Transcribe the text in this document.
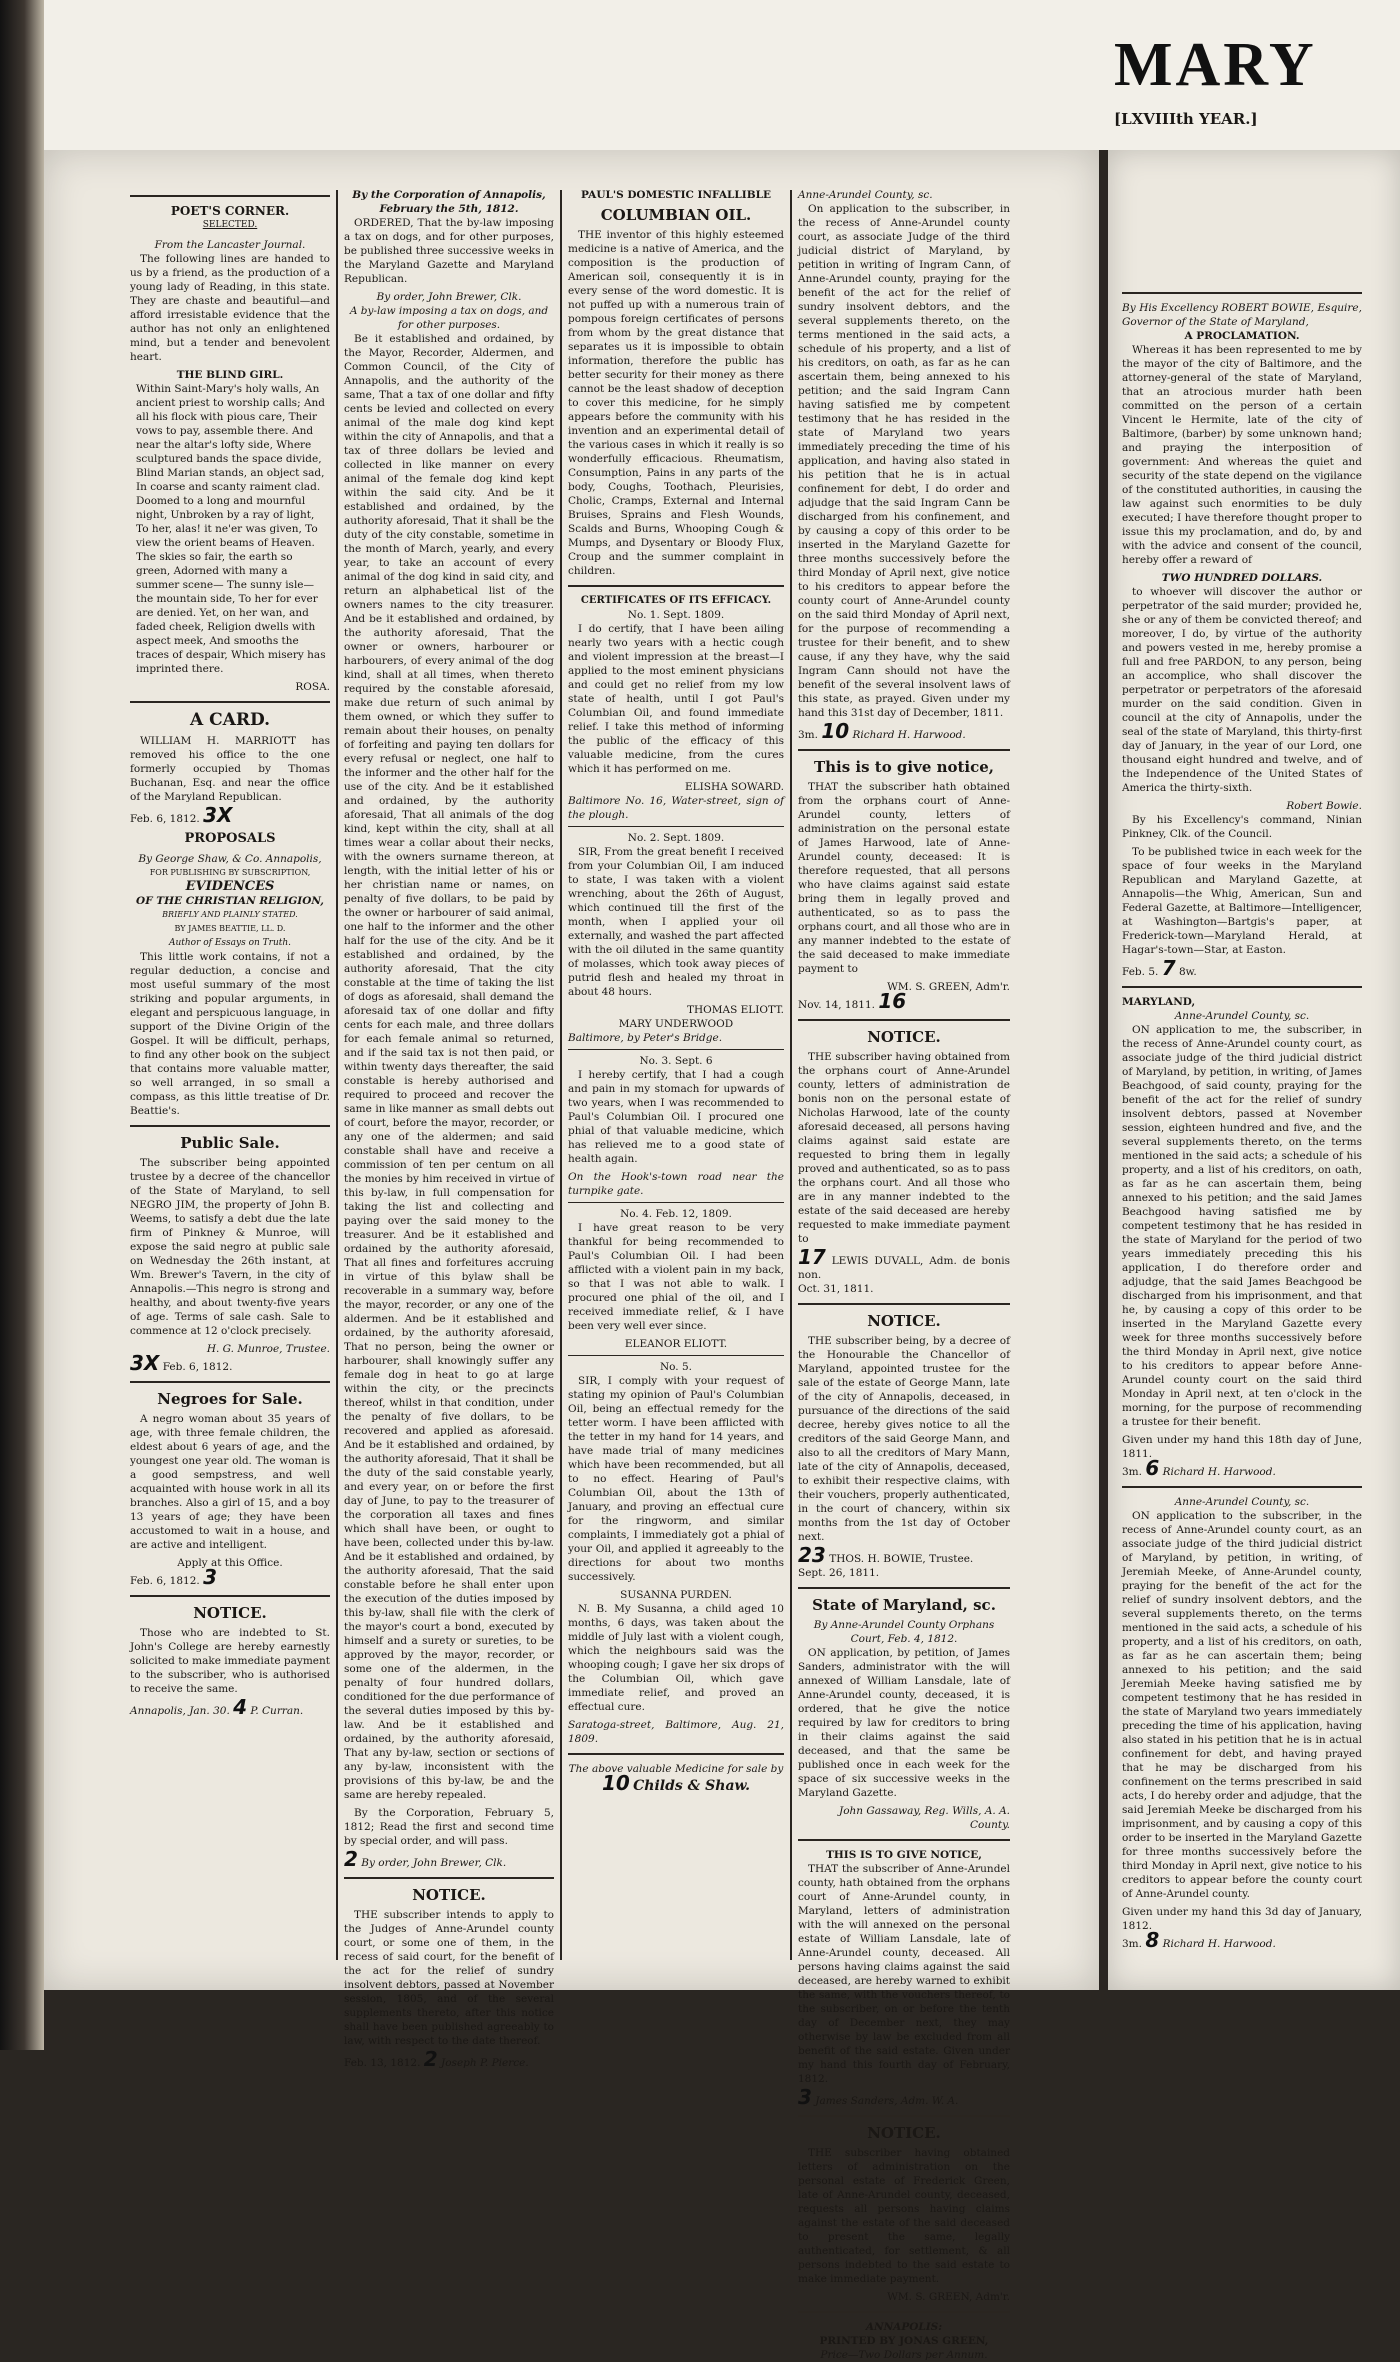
POET'S CORNER.
SELECTED.
From the Lancaster Journal.

The following lines are handed to us by a friend, as the production of a young lady of Reading, in this state. They are chaste and beautiful—and afford irresistable evidence that the author has not only an enlightened mind, but a tender and benevolent heart.

THE BLIND GIRL.

Within Saint-Mary's holy walls, An ancient priest to worship calls; And all his flock with pious care, Their vows to pay, assemble there. And near the altar's lofty side, Where sculptured bands the space divide, Blind Marian stands, an object sad, In coarse and scanty raiment clad. Doomed to a long and mournful night, Unbroken by a ray of light, To her, alas! it ne'er was given, To view the orient beams of Heaven. The skies so fair, the earth so green, Adorned with many a summer scene— The sunny isle—the mountain side, To her for ever are denied. Yet, on her wan, and faded cheek, Religion dwells with aspect meek, And smooths the traces of despair, Which misery has imprinted there.

ROSA.
A CARD.

WILLIAM H. MARRIOTT has removed his office to the one formerly occupied by Thomas Buchanan, Esq. and near the office of the Maryland Republican.

Feb. 6, 1812. 3X
PROPOSALS
By George Shaw, & Co. Annapolis,
FOR PUBLISHING BY SUBSCRIPTION,
EVIDENCES
OF THE CHRISTIAN RELIGION,
BRIEFLY AND PLAINLY STATED.
BY JAMES BEATTIE, LL. D.
Author of Essays on Truth.

This little work contains, if not a regular deduction, a concise and most useful summary of the most striking and popular arguments, in elegant and perspicuous language, in support of the Divine Origin of the Gospel. It will be difficult, perhaps, to find any other book on the subject that contains more valuable matter, so well arranged, in so small a compass, as this little treatise of Dr. Beattie's.

Public Sale.

The subscriber being appointed trustee by a decree of the chancellor of the State of Maryland, to sell NEGRO JIM, the property of John B. Weems, to satisfy a debt due the late firm of Pinkney & Munroe, will expose the said negro at public sale on Wednesday the 26th instant, at Wm. Brewer's Tavern, in the city of Annapolis.—This negro is strong and healthy, and about twenty-five years of age. Terms of sale cash. Sale to commence at 12 o'clock precisely.

H. G. Munroe, Trustee.
3X Feb. 6, 1812.
Negroes for Sale.

A negro woman about 35 years of age, with three female children, the eldest about 6 years of age, and the youngest one year old. The woman is a good sempstress, and well acquainted with house work in all its branches. Also a girl of 15, and a boy 13 years of age; they have been accustomed to wait in a house, and are active and intelligent.

Apply at this Office.
Feb. 6, 1812. 3
NOTICE.

Those who are indebted to St. John's College are hereby earnestly solicited to make immediate payment to the subscriber, who is authorised to receive the same.

Annapolis, Jan. 30. 4 P. Curran.
By the Corporation of Annapolis, February the 5th, 1812.

ORDERED, That the by-law imposing a tax on dogs, and for other purposes, be published three successive weeks in the Maryland Gazette and Maryland Republican.

By order, John Brewer, Clk.
A by-law imposing a tax on dogs, and for other purposes.

Be it established and ordained, by the Mayor, Recorder, Aldermen, and Common Council, of the City of Annapolis, and the authority of the same, That a tax of one dollar and fifty cents be levied and collected on every animal of the male dog kind kept within the city of Annapolis, and that a tax of three dollars be levied and collected in like manner on every animal of the female dog kind kept within the said city. And be it established and ordained, by the authority aforesaid, That it shall be the duty of the city constable, sometime in the month of March, yearly, and every year, to take an account of every animal of the dog kind in said city, and return an alphabetical list of the owners names to the city treasurer. And be it established and ordained, by the authority aforesaid, That the owner or owners, harbourer or harbourers, of every animal of the dog kind, shall at all times, when thereto required by the constable aforesaid, make due return of such animal by them owned, or which they suffer to remain about their houses, on penalty of forfeiting and paying ten dollars for every refusal or neglect, one half to the informer and the other half for the use of the city. And be it established and ordained, by the authority aforesaid, That all animals of the dog kind, kept within the city, shall at all times wear a collar about their necks, with the owners surname thereon, at length, with the initial letter of his or her christian name or names, on penalty of five dollars, to be paid by the owner or harbourer of said animal, one half to the informer and the other half for the use of the city. And be it established and ordained, by the authority aforesaid, That the city constable at the time of taking the list of dogs as aforesaid, shall demand the aforesaid tax of one dollar and fifty cents for each male, and three dollars for each female animal so returned, and if the said tax is not then paid, or within twenty days thereafter, the said constable is hereby authorised and required to proceed and recover the same in like manner as small debts out of court, before the mayor, recorder, or any one of the aldermen; and said constable shall have and receive a commission of ten per centum on all the monies by him received in virtue of this by-law, in full compensation for taking the list and collecting and paying over the said money to the treasurer. And be it established and ordained by the authority aforesaid, That all fines and forfeitures accruing in virtue of this bylaw shall be recoverable in a summary way, before the mayor, recorder, or any one of the aldermen. And be it established and ordained, by the authority aforesaid, That no person, being the owner or harbourer, shall knowingly suffer any female dog in heat to go at large within the city, or the precincts thereof, whilst in that condition, under the penalty of five dollars, to be recovered and applied as aforesaid. And be it established and ordained, by the authority aforesaid, That it shall be the duty of the said constable yearly, and every year, on or before the first day of June, to pay to the treasurer of the corporation all taxes and fines which shall have been, or ought to have been, collected under this by-law. And be it established and ordained, by the authority aforesaid, That the said constable before he shall enter upon the execution of the duties imposed by this by-law, shall file with the clerk of the mayor's court a bond, executed by himself and a surety or sureties, to be approved by the mayor, recorder, or some one of the aldermen, in the penalty of four hundred dollars, conditioned for the due performance of the several duties imposed by this by-law. And be it established and ordained, by the authority aforesaid, That any by-law, section or sections of any by-law, inconsistent with the provisions of this by-law, be and the same are hereby repealed.

By the Corporation, February 5, 1812; Read the first and second time by special order, and will pass.

2 By order, John Brewer, Clk.
NOTICE.

THE subscriber intends to apply to the Judges of Anne-Arundel county court, or some one of them, in the recess of said court, for the benefit of the act for the relief of sundry insolvent debtors, passed at November session, 1805, and of the several supplements thereto, after this notice shall have been published agreeably to law, with respect to the date thereof.

Feb. 13, 1812. 2 Joseph P. Pierce.
PAUL'S DOMESTIC INFALLIBLE
COLUMBIAN OIL.

THE inventor of this highly esteemed medicine is a native of America, and the composition is the production of American soil, consequently it is in every sense of the word domestic. It is not puffed up with a numerous train of pompous foreign certificates of persons from whom by the great distance that separates us it is impossible to obtain information, therefore the public has better security for their money as there cannot be the least shadow of deception to cover this medicine, for he simply appears before the community with his invention and an experimental detail of the various cases in which it really is so wonderfully efficacious. Rheumatism, Consumption, Pains in any parts of the body, Coughs, Toothach, Pleurisies, Cholic, Cramps, External and Internal Bruises, Sprains and Flesh Wounds, Scalds and Burns, Whooping Cough & Mumps, and Dysentary or Bloody Flux, Croup and the summer complaint in children.

CERTIFICATES OF ITS EFFICACY.
No. 1. Sept. 1809.

I do certify, that I have been ailing nearly two years with a hectic cough and violent impression at the breast—I applied to the most eminent physicians and could get no relief from my low state of health, until I got Paul's Columbian Oil, and found immediate relief. I take this method of informing the public of the efficacy of this valuable medicine, from the cures which it has performed on me.

ELISHA SOWARD.
Baltimore No. 16, Water-street, sign of the plough.
No. 2. Sept. 1809.

SIR, From the great benefit I received from your Columbian Oil, I am induced to state, I was taken with a violent wrenching, about the 26th of August, which continued till the first of the month, when I applied your oil externally, and washed the part affected with the oil diluted in the same quantity of molasses, which took away pieces of putrid flesh and healed my throat in about 48 hours.

THOMAS ELIOTT.
MARY UNDERWOOD
Baltimore, by Peter's Bridge.
No. 3. Sept. 6

I hereby certify, that I had a cough and pain in my stomach for upwards of two years, when I was recommended to Paul's Columbian Oil. I procured one phial of that valuable medicine, which has relieved me to a good state of health again.

On the Hook's-town road near the turnpike gate.
No. 4. Feb. 12, 1809.

I have great reason to be very thankful for being recommended to Paul's Columbian Oil. I had been afflicted with a violent pain in my back, so that I was not able to walk. I procured one phial of the oil, and I received immediate relief, & I have been very well ever since.

ELEANOR ELIOTT.
No. 5.

SIR, I comply with your request of stating my opinion of Paul's Columbian Oil, being an effectual remedy for the tetter worm. I have been afflicted with the tetter in my hand for 14 years, and have made trial of many medicines which have been recommended, but all to no effect. Hearing of Paul's Columbian Oil, about the 13th of January, and proving an effectual cure for the ringworm, and similar complaints, I immediately got a phial of your Oil, and applied it agreeably to the directions for about two months successively.

SUSANNA PURDEN.

N. B. My Susanna, a child aged 10 months, 6 days, was taken about the middle of July last with a violent cough, which the neighbours said was the whooping cough; I gave her six drops of the Columbian Oil, which gave immediate relief, and proved an effectual cure.

Saratoga-street, Baltimore, Aug. 21, 1809.
The above valuable Medicine for sale by
10 Childs & Shaw.
Anne-Arundel County, sc.

On application to the subscriber, in the recess of Anne-Arundel county court, as associate Judge of the third judicial district of Maryland, by petition in writing of Ingram Cann, of Anne-Arundel county, praying for the benefit of the act for the relief of sundry insolvent debtors, and the several supplements thereto, on the terms mentioned in the said acts, a schedule of his property, and a list of his creditors, on oath, as far as he can ascertain them, being annexed to his petition; and the said Ingram Cann having satisfied me by competent testimony that he has resided in the state of Maryland two years immediately preceding the time of his application, and having also stated in his petition that he is in actual confinement for debt, I do order and adjudge that the said Ingram Cann be discharged from his confinement, and by causing a copy of this order to be inserted in the Maryland Gazette for three months successively before the third Monday of April next, give notice to his creditors to appear before the county court of Anne-Arundel county on the said third Monday of April next, for the purpose of recommending a trustee for their benefit, and to shew cause, if any they have, why the said Ingram Cann should not have the benefit of the several insolvent laws of this state, as prayed. Given under my hand this 31st day of December, 1811.

3m. 10 Richard H. Harwood.
This is to give notice,

THAT the subscriber hath obtained from the orphans court of Anne-Arundel county, letters of administration on the personal estate of James Harwood, late of Anne-Arundel county, deceased: It is therefore requested, that all persons who have claims against said estate bring them in legally proved and authenticated, so as to pass the orphans court, and all those who are in any manner indebted to the estate of the said deceased to make immediate payment to

WM. S. GREEN, Adm'r.
Nov. 14, 1811. 16
NOTICE.

THE subscriber having obtained from the orphans court of Anne-Arundel county, letters of administration de bonis non on the personal estate of Nicholas Harwood, late of the county aforesaid deceased, all persons having claims against said estate are requested to bring them in legally proved and authenticated, so as to pass the orphans court. And all those who are in any manner indebted to the estate of the said deceased are hereby requested to make immediate payment to

17 LEWIS DUVALL, Adm. de bonis non.
Oct. 31, 1811.
NOTICE.

THE subscriber being, by a decree of the Honourable the Chancellor of Maryland, appointed trustee for the sale of the estate of George Mann, late of the city of Annapolis, deceased, in pursuance of the directions of the said decree, hereby gives notice to all the creditors of the said George Mann, and also to all the creditors of Mary Mann, late of the city of Annapolis, deceased, to exhibit their respective claims, with their vouchers, properly authenticated, in the court of chancery, within six months from the 1st day of October next.

23 THOS. H. BOWIE, Trustee.
Sept. 26, 1811.
State of Maryland, sc.
By Anne-Arundel County Orphans Court, Feb. 4, 1812.

ON application, by petition, of James Sanders, administrator with the will annexed of William Lansdale, late of Anne-Arundel county, deceased, it is ordered, that he give the notice required by law for creditors to bring in their claims against the said deceased, and that the same be published once in each week for the space of six successive weeks in the Maryland Gazette.

John Gassaway, Reg. Wills, A. A. County.
THIS IS TO GIVE NOTICE,

THAT the subscriber of Anne-Arundel county, hath obtained from the orphans court of Anne-Arundel county, in Maryland, letters of administration with the will annexed on the personal estate of William Lansdale, late of Anne-Arundel county, deceased. All persons having claims against the said deceased, are hereby warned to exhibit the same, with the vouchers thereof, to the subscriber, on or before the tenth day of December next, they may otherwise by law be excluded from all benefit of the said estate. Given under my hand this fourth day of February, 1812.

3 James Sanders, Adm. W. A.
NOTICE.

THE subscriber having obtained letters of administration on the personal estate of Frederick Green, late of Anne-Arundel county, deceased, requests all persons having claims against the estate of the said deceased to present the same, legally authenticated, for settlement, & all persons indebted to the said estate to make immediate payment.

WM. S. GREEN, Adm'r.
ANNAPOLIS:
PRINTED BY JONAS GREEN,
Price—Two Dollars per Annum.
By His Excellency ROBERT BOWIE, Esquire, Governor of the State of Maryland,
A PROCLAMATION.

Whereas it has been represented to me by the mayor of the city of Baltimore, and the attorney-general of the state of Maryland, that an atrocious murder hath been committed on the person of a certain Vincent le Hermite, late of the city of Baltimore, (barber) by some unknown hand; and praying the interposition of government: And whereas the quiet and security of the state depend on the vigilance of the constituted authorities, in causing the law against such enormities to be duly executed; I have therefore thought proper to issue this my proclamation, and do, by and with the advice and consent of the council, hereby offer a reward of

TWO HUNDRED DOLLARS.

to whoever will discover the author or perpetrator of the said murder; provided he, she or any of them be convicted thereof; and moreover, I do, by virtue of the authority and powers vested in me, hereby promise a full and free PARDON, to any person, being an accomplice, who shall discover the perpetrator or perpetrators of the aforesaid murder on the said condition. Given in council at the city of Annapolis, under the seal of the state of Maryland, this thirty-first day of January, in the year of our Lord, one thousand eight hundred and twelve, and of the Independence of the United States of America the thirty-sixth.

Robert Bowie.

By his Excellency's command, Ninian Pinkney, Clk. of the Council.

To be published twice in each week for the space of four weeks in the Maryland Republican and Maryland Gazette, at Annapolis—the Whig, American, Sun and Federal Gazette, at Baltimore—Intelligencer, at Washington—Bartgis's paper, at Frederick-town—Maryland Herald, at Hagar's-town—Star, at Easton.

Feb. 5. 7 8w.
MARYLAND,
Anne-Arundel County, sc.

ON application to me, the subscriber, in the recess of Anne-Arundel county court, as associate judge of the third judicial district of Maryland, by petition, in writing, of James Beachgood, of said county, praying for the benefit of the act for the relief of sundry insolvent debtors, passed at November session, eighteen hundred and five, and the several supplements thereto, on the terms mentioned in the said acts; a schedule of his property, and a list of his creditors, on oath, as far as he can ascertain them, being annexed to his petition; and the said James Beachgood having satisfied me by competent testimony that he has resided in the state of Maryland for the period of two years immediately preceding this his application, I do therefore order and adjudge, that the said James Beachgood be discharged from his imprisonment, and that he, by causing a copy of this order to be inserted in the Maryland Gazette every week for three months successively before the third Monday in April next, give notice to his creditors to appear before Anne-Arundel county court on the said third Monday in April next, at ten o'clock in the morning, for the purpose of recommending a trustee for their benefit.

Given under my hand this 18th day of June, 1811.
3m. 6 Richard H. Harwood.
Anne-Arundel County, sc.

ON application to the subscriber, in the recess of Anne-Arundel county court, as an associate judge of the third judicial district of Maryland, by petition, in writing, of Jeremiah Meeke, of Anne-Arundel county, praying for the benefit of the act for the relief of sundry insolvent debtors, and the several supplements thereto, on the terms mentioned in the said acts, a schedule of his property, and a list of his creditors, on oath, as far as he can ascertain them; being annexed to his petition; and the said Jeremiah Meeke having satisfied me by competent testimony that he has resided in the state of Maryland two years immediately preceding the time of his application, having also stated in his petition that he is in actual confinement for debt, and having prayed that he may be discharged from his confinement on the terms prescribed in said acts, I do hereby order and adjudge, that the said Jeremiah Meeke be discharged from his imprisonment, and by causing a copy of this order to be inserted in the Maryland Gazette for three months successively before the third Monday in April next, give notice to his creditors to appear before the county court of Anne-Arundel county.

Given under my hand this 3d day of January, 1812.
3m. 8 Richard H. Harwood.
MARY
[LXVIIIth YEAR.]
